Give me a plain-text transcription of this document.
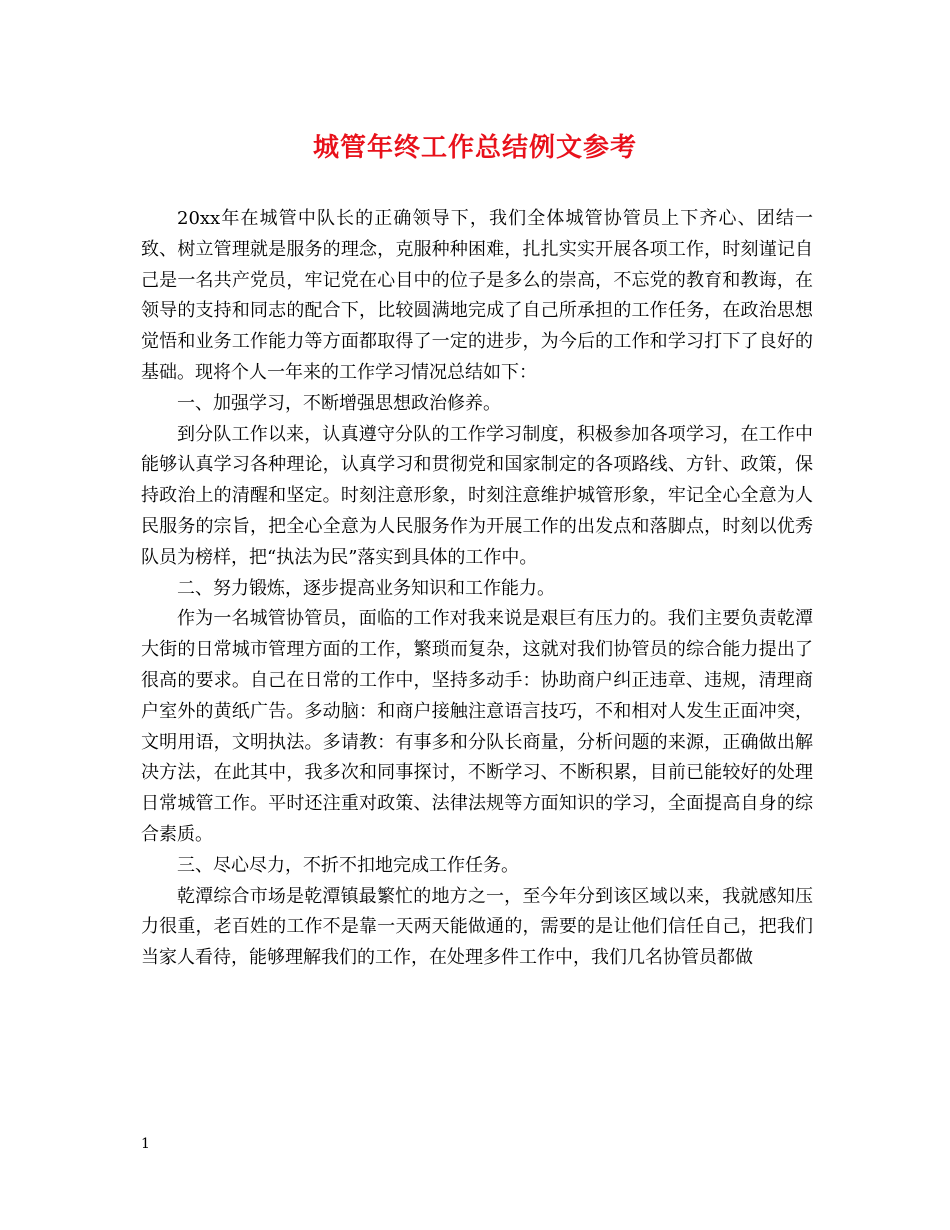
城管年终工作总结例文参考

20xx年在城管中队长的正确领导下，我们全体城管协管员上下齐心、团结一致、树立管理就是服务的理念，克服种种困难，扎扎实实开展各项工作，时刻谨记自己是一名共产党员，牢记党在心目中的位子是多么的崇高，不忘党的教育和教诲，在领导的支持和同志的配合下，比较圆满地完成了自己所承担的工作任务，在政治思想觉悟和业务工作能力等方面都取得了一定的进步，为今后的工作和学习打下了良好的基础。现将个人一年来的工作学习情况总结如下：

一、加强学习，不断增强思想政治修养。

到分队工作以来，认真遵守分队的工作学习制度，积极参加各项学习，在工作中能够认真学习各种理论，认真学习和贯彻党和国家制定的各项路线、方针、政策，保持政治上的清醒和坚定。时刻注意形象，时刻注意维护城管形象，牢记全心全意为人民服务的宗旨，把全心全意为人民服务作为开展工作的出发点和落脚点，时刻以优秀队员为榜样，把“执法为民”落实到具体的工作中。

二、努力锻炼，逐步提高业务知识和工作能力。

作为一名城管协管员，面临的工作对我来说是艰巨有压力的。我们主要负责乾潭大街的日常城市管理方面的工作，繁琐而复杂，这就对我们协管员的综合能力提出了很高的要求。自己在日常的工作中，坚持多动手：协助商户纠正违章、违规，清理商户室外的黄纸广告。多动脑：和商户接触注意语言技巧，不和相对人发生正面冲突，文明用语，文明执法。多请教：有事多和分队长商量，分析问题的来源，正确做出解决方法，在此其中，我多次和同事探讨，不断学习、不断积累，目前已能较好的处理日常城管工作。平时还注重对政策、法律法规等方面知识的学习，全面提高自身的综合素质。

三、尽心尽力，不折不扣地完成工作任务。

乾潭综合市场是乾潭镇最繁忙的地方之一，至今年分到该区域以来，我就感知压力很重，老百姓的工作不是靠一天两天能做通的，需要的是让他们信任自己，把我们当家人看待，能够理解我们的工作，在处理多件工作中，我们几名协管员都做

1
